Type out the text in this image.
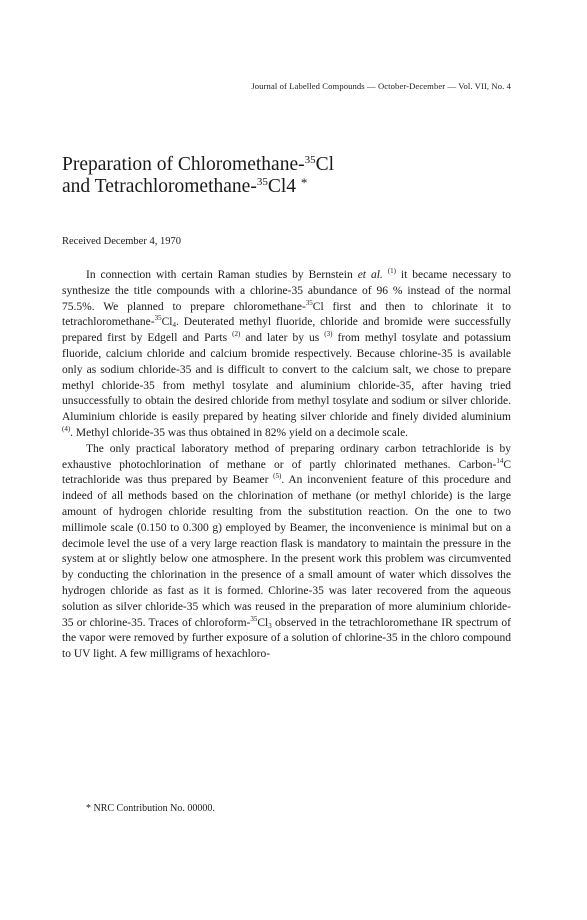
Journal of Labelled Compounds — October-December — Vol. VII, No. 4
Preparation of Chloromethane-$^{35}$Cl
and Tetrachloromethane-$^{35}$Cl4 *
Received December 4, 1970

In connection with certain Raman studies by Bernstein et al. $^{(1)}$ it became necessary to synthesize the title compounds with a chlorine-35 abundance of 96 % instead of the normal 75.5%. We planned to prepare chloromethane-$^{35}$Cl first and then to chlorinate it to tetrachloromethane-$^{35}Cl_4$. Deuterated methyl fluoride, chloride and bromide were successfully prepared first by Edgell and Parts $^{(2)}$ and later by us $^{(3)}$ from methyl tosylate and potassium fluoride, calcium chloride and calcium bromide respectively. Because chlorine-35 is available only as sodium chloride-35 and is difficult to convert to the calcium salt, we chose to prepare methyl chloride-35 from methyl tosylate and aluminium chloride-35, after having tried unsuccessfully to obtain the desired chloride from methyl tosylate and sodium or silver chloride. Aluminium chloride is easily prepared by heating silver chloride and finely divided aluminium $^{(4)}$. Methyl chloride-35 was thus obtained in 82% yield on a decimole scale.

The only practical laboratory method of preparing ordinary carbon tetrachloride is by exhaustive photochlorination of methane or of partly chlorinated methanes. Carbon-$^{14}$C tetrachloride was thus prepared by Beamer $^{(5)}$. An inconvenient feature of this procedure and indeed of all methods based on the chlorination of methane (or methyl chloride) is the large amount of hydrogen chloride resulting from the substitution reaction. On the one to two millimole scale (0.150 to 0.300 g) employed by Beamer, the inconvenience is minimal but on a decimole level the use of a very large reaction flask is mandatory to maintain the pressure in the system at or slightly below one atmosphere. In the present work this problem was circumvented by conducting the chlorination in the presence of a small amount of water which dissolves the hydrogen chloride as fast as it is formed. Chlorine-35 was later recovered from the aqueous solution as silver chloride-35 which was reused in the preparation of more aluminium chloride-35 or chlorine-35. Traces of chloroform-$^{35}Cl_3$ observed in the tetrachloromethane IR spectrum of the vapor were removed by further exposure of a solution of chlorine-35 in the chloro compound to UV light. A few milligrams of hexachloro-

* NRC Contribution No. 00000.
